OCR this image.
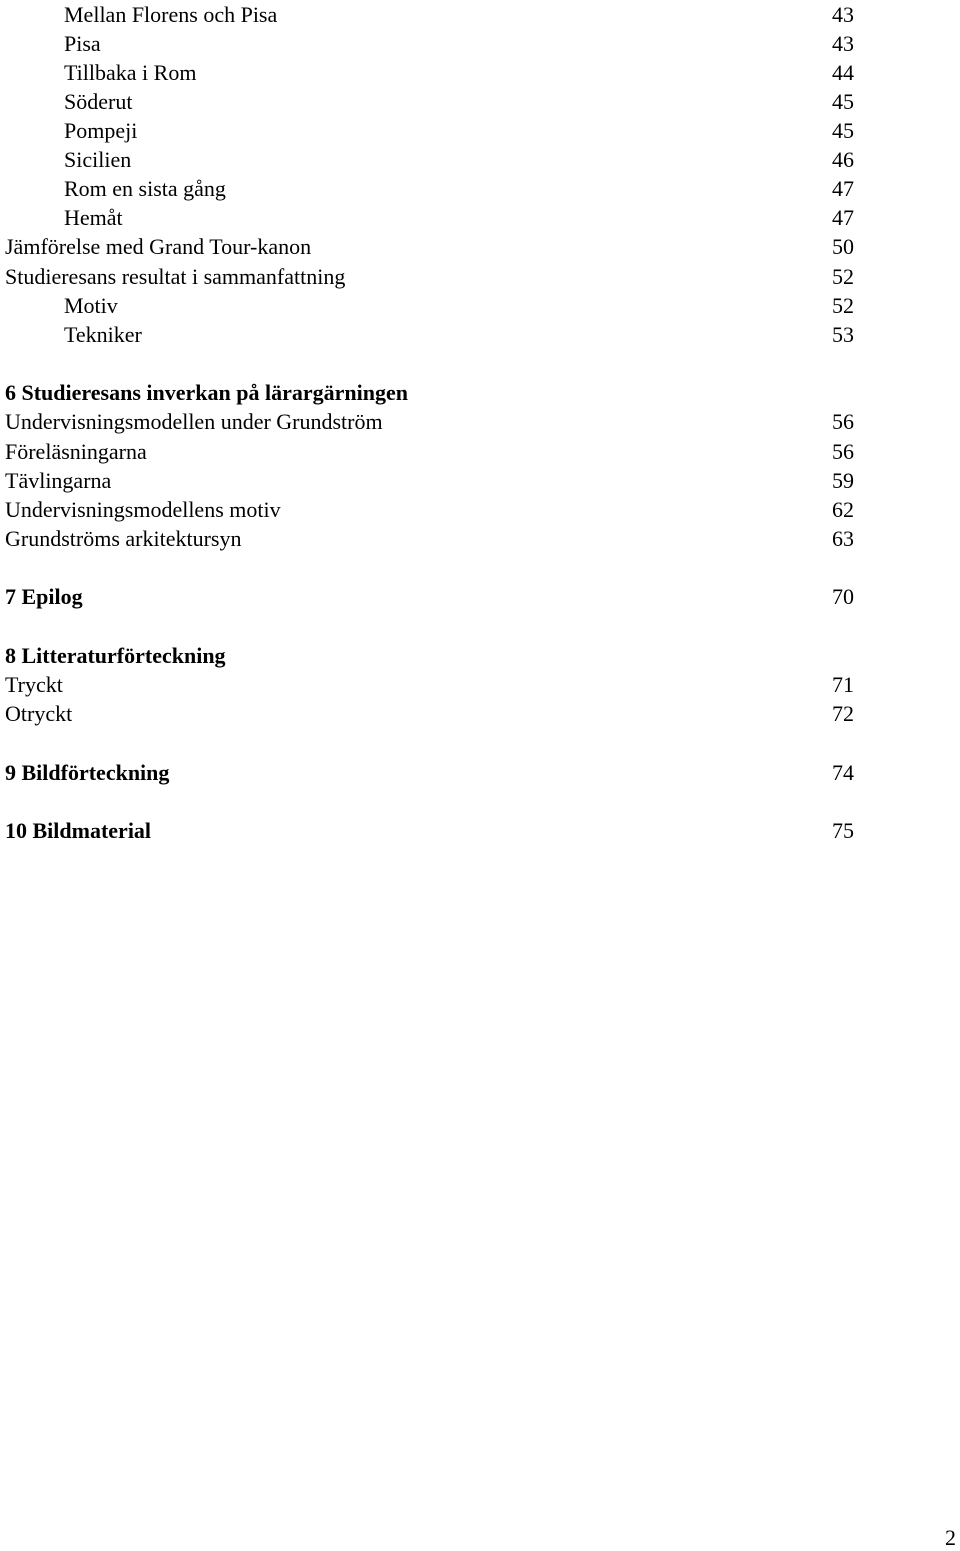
Mellan Florens och Pisa	43
Pisa	43
Tillbaka i Rom	44
Söderut	45
Pompeji	45
Sicilien	46
Rom en sista gång	47
Hemåt	47
Jämförelse med Grand Tour-kanon	50
Studieresans resultat i sammanfattning	52
Motiv	52
Tekniker	53
6 Studieresans inverkan på lärargärningen
Undervisningsmodellen under Grundström	56
Föreläsningarna	56
Tävlingarna	59
Undervisningsmodellens motiv	62
Grundströms arkitektursyn	63
7 Epilog	70
8 Litteraturförteckning
Tryckt	71
Otryckt	72
9 Bildförteckning	74
10 Bildmaterial	75
2
